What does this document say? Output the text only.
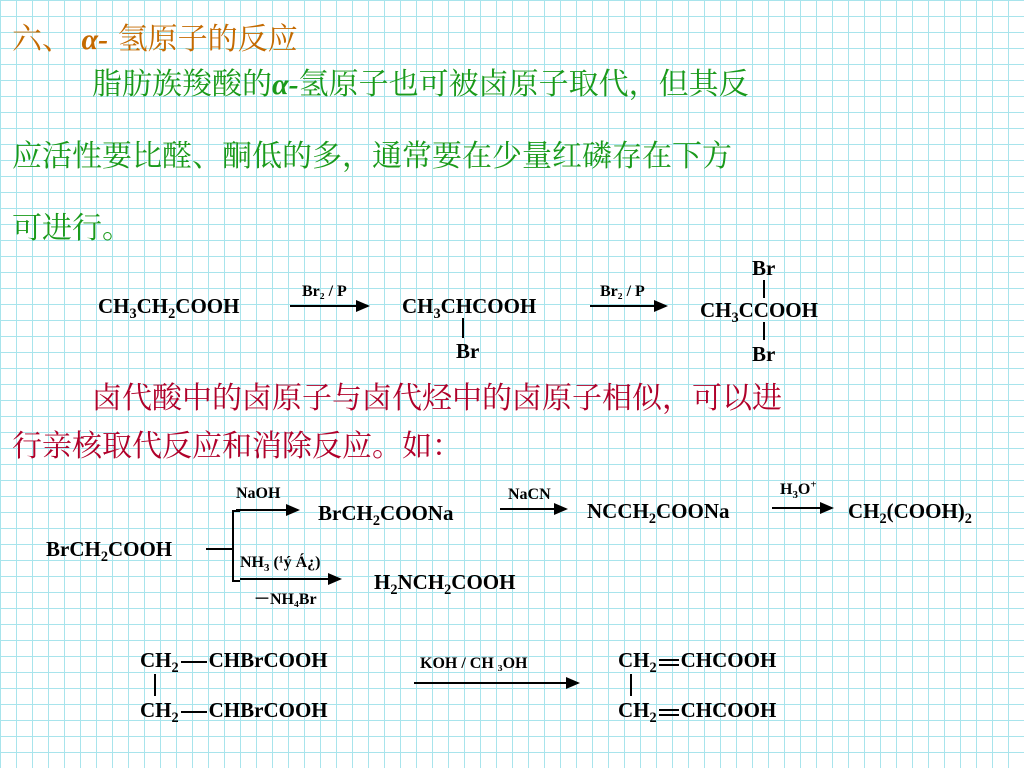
六、 α- 氢原子的反应
脂肪族羧酸的α-氢原子也可被卤原子取代，但其反
应活性要比醛、酮低的多，通常要在少量红磷存在下方
可进行。
$CH_3CH_2COOH$
Br₂ / P
$CH_3CHCOOH$
Br
Br₂ / P
Br
$CH_3CCOOH$
Br
卤代酸中的卤原子与卤代烃中的卤原子相似，可以进
行亲核取代反应和消除反应。如：
BrCH$_2$COOH
NaOH
BrCH$_2$COONa
NaCN
$NCCH_2COONa$
$H_3O^+$
$CH_2(COOH)_2$
$NH_3$ (¹ý Á¿)
－NH₄Br
$H_2NCH_2COOH$
$CH_2$ CHBrCOOH
$CH_2$ CHBrCOOH
KOH / CH ₃OH	$CH_2$ CHCOOH
$CH_2$ CHCOOH
